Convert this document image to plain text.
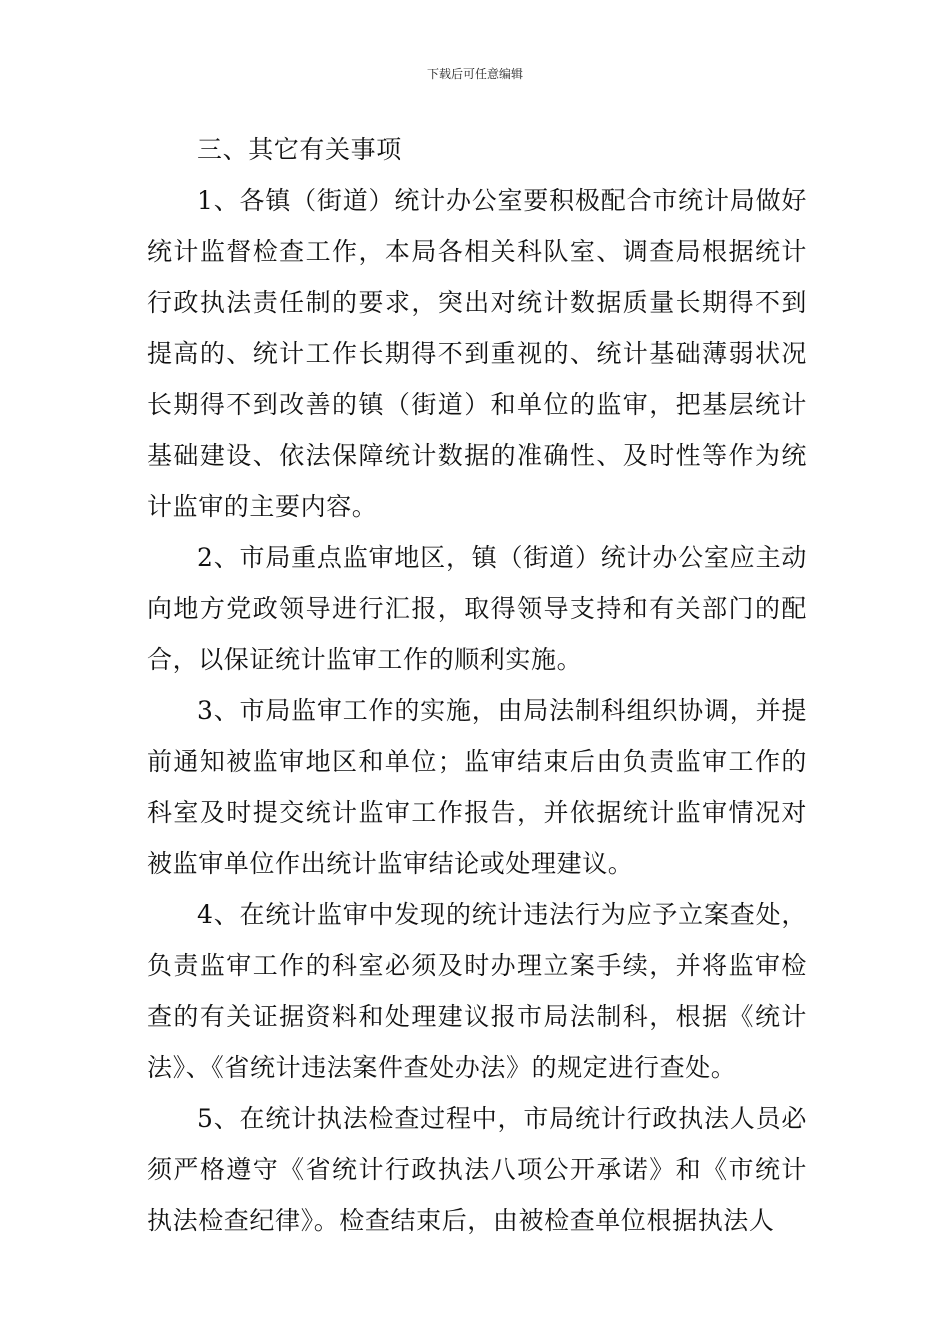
下载后可任意编辑

三、其它有关事项

1、各镇（街道）统计办公室要积极配合市统计局做好统计监督检查工作，本局各相关科队室、调查局根据统计行政执法责任制的要求，突出对统计数据质量长期得不到提高的、统计工作长期得不到重视的、统计基础薄弱状况长期得不到改善的镇（街道）和单位的监审，把基层统计基础建设、依法保障统计数据的准确性、及时性等作为统计监审的主要内容。

2、市局重点监审地区，镇（街道）统计办公室应主动向地方党政领导进行汇报，取得领导支持和有关部门的配合，以保证统计监审工作的顺利实施。

3、市局监审工作的实施，由局法制科组织协调，并提前通知被监审地区和单位；监审结束后由负责监审工作的科室及时提交统计监审工作报告，并依据统计监审情况对被监审单位作出统计监审结论或处理建议。

4、在统计监审中发现的统计违法行为应予立案查处，负责监审工作的科室必须及时办理立案手续，并将监审检查的有关证据资料和处理建议报市局法制科，根据《统计法》、《省统计违法案件查处办法》的规定进行查处。

5、在统计执法检查过程中，市局统计行政执法人员必须严格遵守《省统计行政执法八项公开承诺》和《市统计执法检查纪律》。检查结束后，由被检查单位根据执法人
